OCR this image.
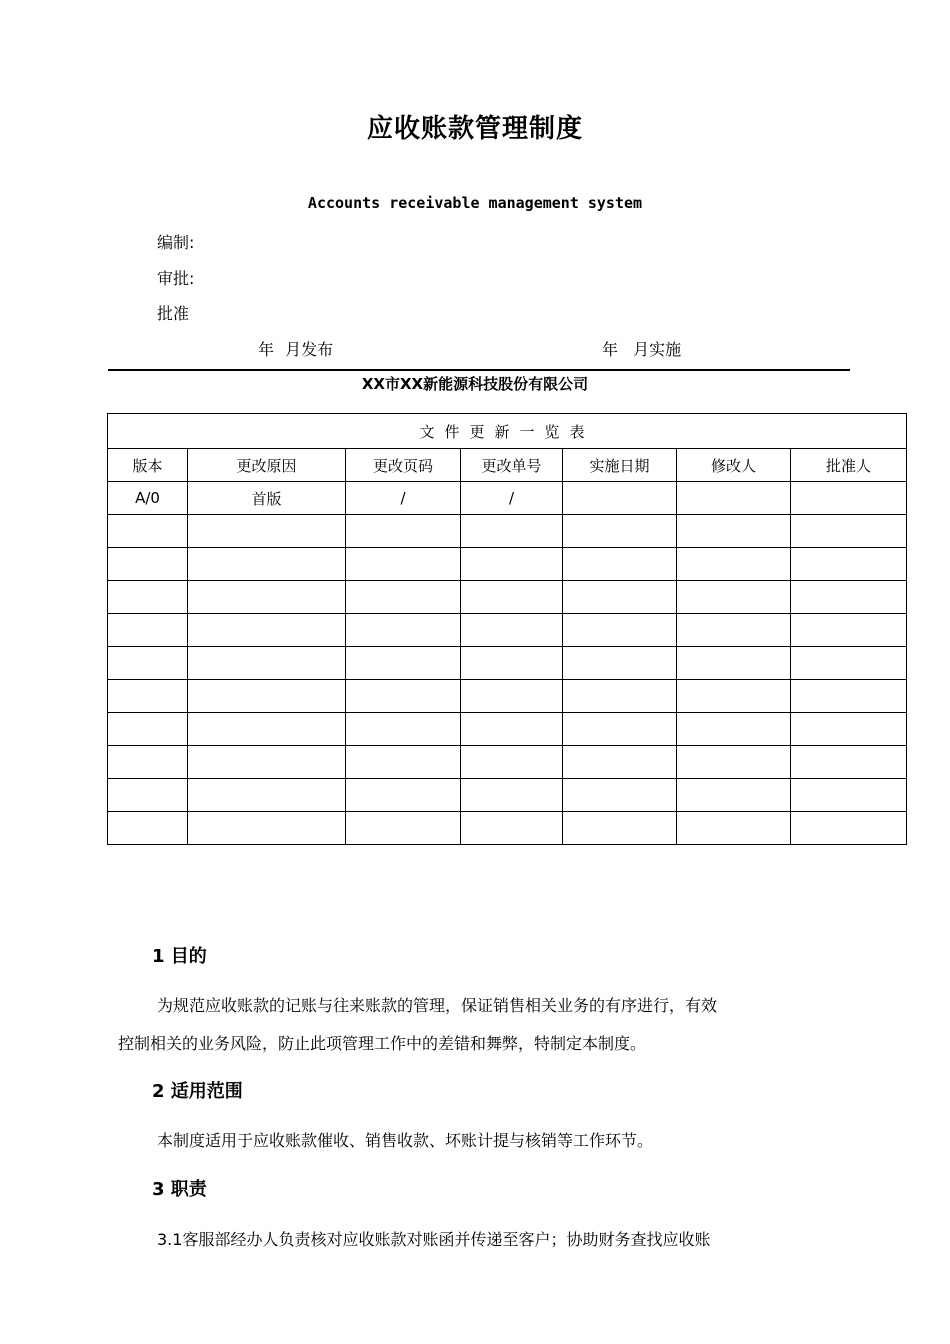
应收账款管理制度
Accounts receivable management system
编制:
审批:
批准
年 月发布	年 月实施
XX市XX新能源科技股份有限公司
文件更新一览表						
版本	更改原因	更改页码	更改单号	实施日期	修改人	批准人
A/0	首版	/	/			

1 目的
为规范应收账款的记账与往来账款的管理，保证销售相关业务的有序进行，有效
控制相关的业务风险，防止此项管理工作中的差错和舞弊，特制定本制度。
2 适用范围
本制度适用于应收账款催收、销售收款、坏账计提与核销等工作环节。
3 职责
3.1客服部经办人负责核对应收账款对账函并传递至客户；协助财务查找应收账
